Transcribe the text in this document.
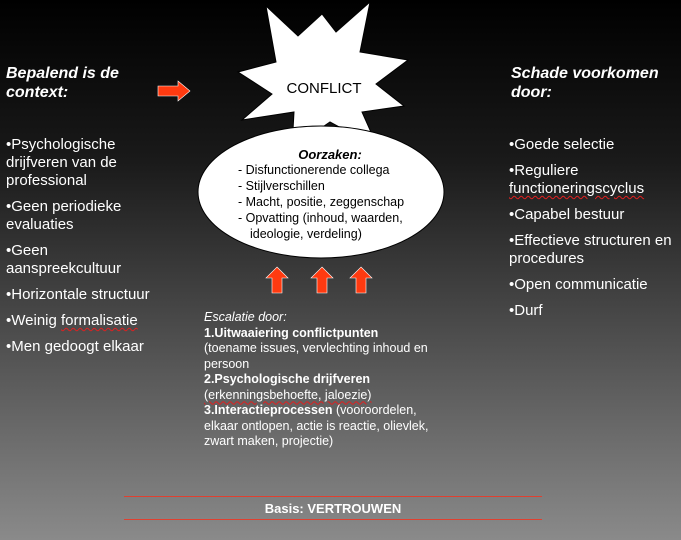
Bepalend is de
context:
•Psychologische drijfveren van de professional
•Geen periodieke evaluaties
•Geen aanspreekcultuur
•Horizontale structuur
•Weinig formalisatie
•Men gedoogt elkaar
CONFLICT
Oorzaken:
- Disfunctionerende collega
- Stijlverschillen
- Macht, positie, zeggenschap
- Opvatting (inhoud, waarden,
ideologie, verdeling)
Escalatie door:
1.Uitwaaiering conflictpunten
(toename issues, vervlechting inhoud en persoon
2.Psychologische drijfveren
(erkenningsbehoefte, jaloezie)
3.Interactieprocessen (vooroordelen, elkaar ontlopen, actie is reactie, olievlek, zwart maken, projectie)
Schade voorkomen
door:
•Goede selectie
•Reguliere functioneringscyclus
•Capabel bestuur
•Effectieve structuren en procedures
•Open communicatie
•Durf
Basis: VERTROUWEN
